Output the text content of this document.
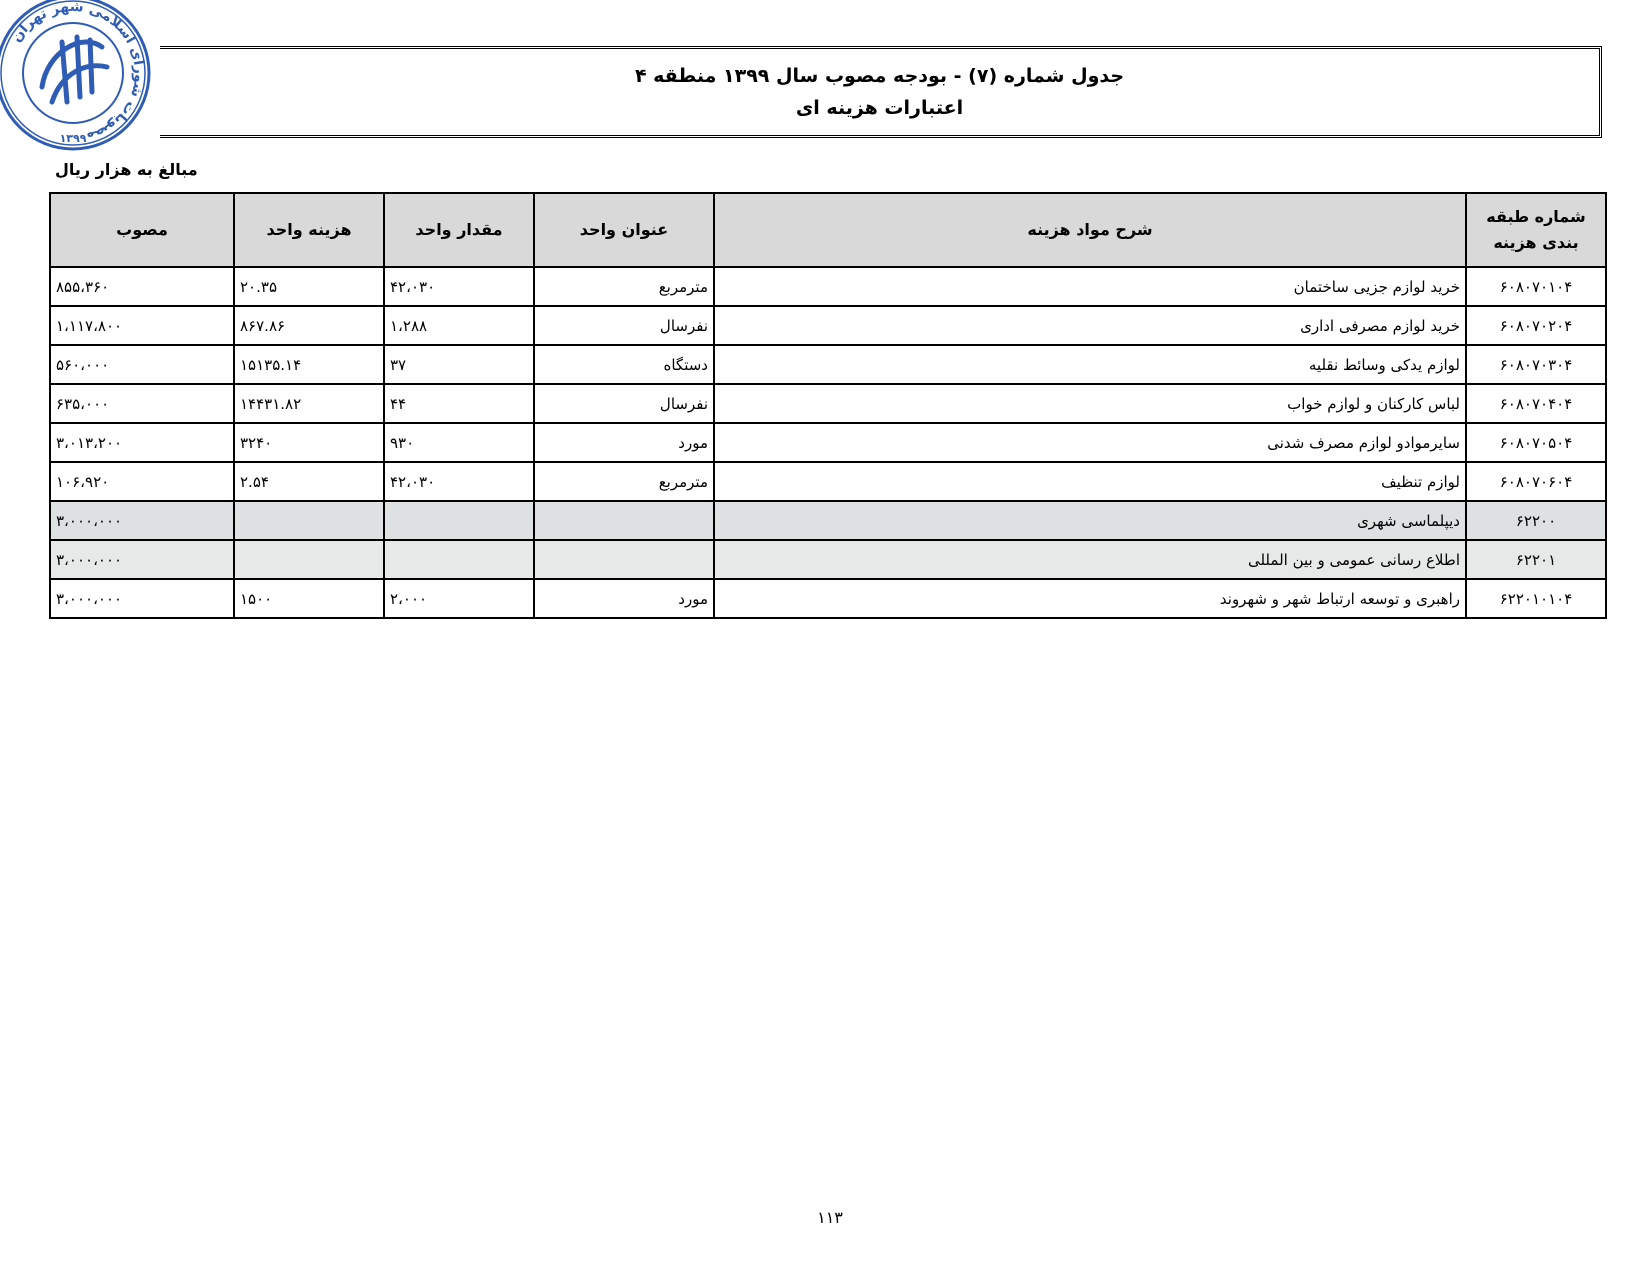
مصوبات شورای اسلامی شهر تهران
۱۳۹۹
جدول شماره (۷) - بودجه مصوب سال ۱۳۹۹ منطقه ۴
اعتبارات هزینه ای
مبالغ به هزار ریال
شماره طبقه بندی هزینه	شرح مواد هزینه	عنوان واحد	مقدار واحد	هزینه واحد	مصوب
۶۰۸۰۷۰۱۰۴	خرید لوازم جزیی ساختمان	مترمربع	۴۲،۰۳۰	۲۰.۳۵	۸۵۵،۳۶۰
۶۰۸۰۷۰۲۰۴	خرید لوازم مصرفی اداری	نفرسال	۱،۲۸۸	۸۶۷.۸۶	۱،۱۱۷،۸۰۰
۶۰۸۰۷۰۳۰۴	لوازم یدکی وسائط نقلیه	دستگاه	۳۷	۱۵۱۳۵.۱۴	۵۶۰،۰۰۰
۶۰۸۰۷۰۴۰۴	لباس کارکنان و لوازم خواب	نفرسال	۴۴	۱۴۴۳۱.۸۲	۶۳۵،۰۰۰
۶۰۸۰۷۰۵۰۴	سایرموادو لوازم مصرف شدنی	مورد	۹۳۰	۳۲۴۰	۳،۰۱۳،۲۰۰
۶۰۸۰۷۰۶۰۴	لوازم تنظیف	مترمربع	۴۲،۰۳۰	۲.۵۴	۱۰۶،۹۲۰
۶۲۲۰۰	دیپلماسی شهری				۳،۰۰۰،۰۰۰
۶۲۲۰۱	اطلاع رسانی عمومی و بین المللی				۳،۰۰۰،۰۰۰
۶۲۲۰۱۰۱۰۴	راهبری و توسعه ارتباط شهر و شهروند	مورد	۲،۰۰۰	۱۵۰۰	۳،۰۰۰،۰۰۰
۱۱۳
